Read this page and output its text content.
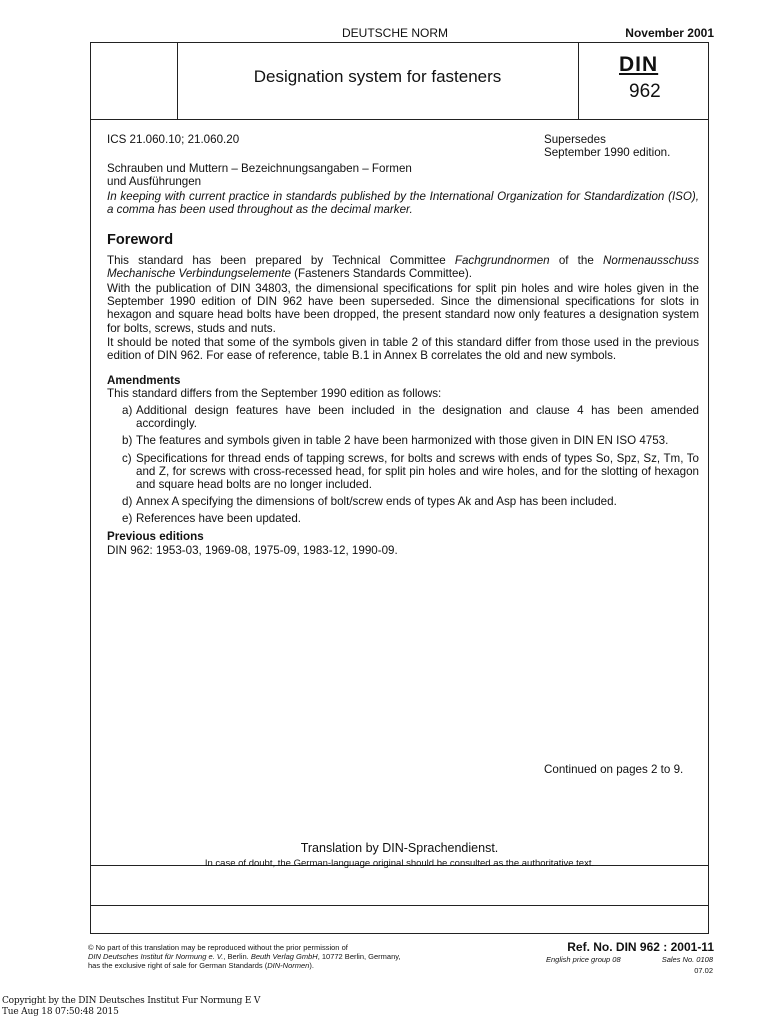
DEUTSCHE NORM	November 2001
Designation system for fasteners
DIN
962
ICS 21.060.10; 21.060.20	Supersedes
September 1990 edition.
Schrauben und Muttern – Bezeichnungsangaben – Formen
und Ausführungen
In keeping with current practice in standards published by the International Organization for Standardization (ISO), a comma has been used throughout as the decimal marker.
Foreword
This standard has been prepared by Technical Committee Fachgrundnormen of the Normenausschuss Mechanische Verbindungselemente (Fasteners Standards Committee).
With the publication of DIN 34803, the dimensional specifications for split pin holes and wire holes given in the September 1990 edition of DIN 962 have been superseded. Since the dimensional specifications for slots in hexagon and square head bolts have been dropped, the present standard now only features a designation system for bolts, screws, studs and nuts.
It should be noted that some of the symbols given in table 2 of this standard differ from those used in the previous edition of DIN 962. For ease of reference, table B.1 in Annex B correlates the old and new symbols.
Amendments
This standard differs from the September 1990 edition as follows:
a) Additional design features have been included in the designation and clause 4 has been amended accordingly.
b) The features and symbols given in table 2 have been harmonized with those given in DIN EN ISO 4753.
c) Specifications for thread ends of tapping screws, for bolts and screws with ends of types So, Spz, Sz, Tm, To and Z, for screws with cross-recessed head, for split pin holes and wire holes, and for the slotting of hexagon and square head bolts are no longer included.
d) Annex A specifying the dimensions of bolt/screw ends of types Ak and Asp has been included.
e) References have been updated.
Previous editions
DIN 962: 1953-03, 1969-08, 1975-09, 1983-12, 1990-09.
Continued on pages 2 to 9.
Translation by DIN-Sprachendienst.
In case of doubt, the German-language original should be consulted as the authoritative text.
© No part of this translation may be reproduced without the prior permission of
DIN Deutsches Institut für Normung e. V., Berlin. Beuth Verlag GmbH, 10772 Berlin, Germany,
has the exclusive right of sale for German Standards (DIN-Normen).
Ref. No. DIN 962 : 2001-11
English price group 08	Sales No. 0108
07.02
Copyright by the DIN Deutsches Institut Fur Normung E V
Tue Aug 18 07:50:48 2015
